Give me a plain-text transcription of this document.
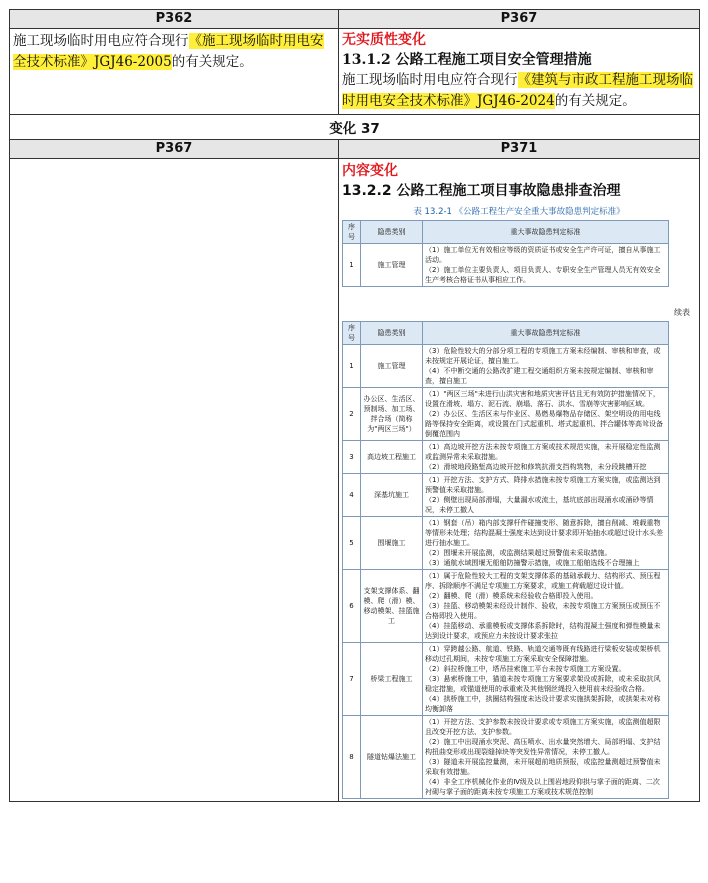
P362	P367
施工现场临时用电应符合现行《施工现场临时用电安全技术标准》JGJ46-2005的有关规定。	
无实质性变化
13.1.2 公路工程施工项目安全管理措施
施工现场临时用电应符合现行《建筑与市政工程施工现场临时用电安全技术标准》JGJ46-2024的有关规定。

变化 37
P367	P371

内容变化
13.2.2 公路工程施工项目事故隐患排查治理
表 13.2-1 《公路工程生产安全重大事故隐患判定标准》
序号	隐患类别	重大事故隐患判定标准
1	施工管理	（1）施工单位无有效相应等级的资质证书或安全生产许可证，擅自从事施工活动。
（2）施工单位主要负责人、项目负责人、专职安全生产管理人员无有效安全生产考核合格证书从事相应工作。
续表
序号	隐患类别	重大事故隐患判定标准
1	施工管理	（3）危险性较大的分部分项工程的专项施工方案未经编制、审核和审查，或未按规定开展论证，擅自施工。
（4）不中断交通的公路改扩建工程交通组织方案未按规定编制、审核和审查，擅自施工
2	办公区、生活区、预制场、加工场、拌合场（简称为"两区三场"）	（1）"两区三场"未进行山洪灾害和地质灾害评估且无有效防护措施情况下，设置在滑坡、塌方、泥石流、崩塌、落石、洪水、雪崩等灾害影响区域。
（2）办公区、生活区未与作业区、易燃易爆物品存储区、架空明设的用电线路等保持安全距离，或设置在门式起重机、塔式起重机、拌合罐体等高耸设备倒覆范围内
3	高边坡工程施工	（1）高边坡开挖方法未按专项施工方案或技术规范实施，未开展稳定性监测或监测异常未采取措施。
（2）滑坡地段路堑高边坡开挖和修筑抗滑支挡构筑物，未分段跳槽开挖
4	深基坑施工	（1）开挖方法、支护方式、降排水措施未按专项施工方案实施，或监测达到预警值未采取措施。
（2）侧壁出现局部滑塌，大量漏水或流土，基坑底部出现涌水或涌砂等情况，未停工撤人
5	围堰施工	（1）钢套（吊）箱内部支撑杆件碰撞变形、随意拆除，擅自削减、堆载重物等情形未处理；结构混凝土强度未达到设计要求即开始抽水或超过设计水头差进行抽水施工。
（2）围堰未开展监测，或监测结果超过预警值未采取措施。
（3）通航水域围堰无船舶防撞警示措施，或施工船舶选线不合理撞上
6	支架支撑体系、翻模、爬（滑）模、移动模架、挂篮施工	（1）属于危险性较大工程的支架支撑体系的基础承载力、结构形式、预压程序、拆除顺序不满足专项施工方案要求，或施工荷载超过设计值。
（2）翻模、爬（滑）模系统未经验收合格即投入使用。
（3）挂篮、移动模架未经设计制作、验收，未按专项施工方案预压或预压不合格即投入使用。
（4）挂篮移动、承重模板或支撑体系拆除时，结构混凝土强度和弹性模量未达到设计要求，或预应力未按设计要求张拉
7	桥梁工程施工	（1）穿跨越公路、航道、铁路、轨道交通等既有线路进行梁板安装或架桥机移动过孔期间，未按专项施工方案采取安全保障措施。
（2）斜拉桥施工中，塔吊挂索施工平台未按专项施工方案设置。
（3）悬索桥施工中，猫道未按专项施工方案要求架设或拆除，或未采取抗风稳定措施，或锚道使用的承重索及其他钢丝绳投入使用前未经验收合格。
（4）拱桥施工中，拱圈结构强度未达设计要求实施拱架拆除，或拱架未对称均衡卸落
8	隧道钻爆法施工	（1）开挖方法、支护参数未按设计要求或专项施工方案实施，或监测值超限且改变开挖方法、支护参数。
（2）施工中出现涌水突泥、高压喷水、出水量突然增大、局部坍塌、支护结构扭曲变形或出现裂缝掉块等突发性异常情况，未停工撤人。
（3）隧道未开展监控量测，未开展超前地质预报，或监控量测超过预警值未采取有效措施。
（4）非全工序机械化作业的Ⅳ级及以上围岩地段仰拱与掌子面的距离、二次衬砌与掌子面的距离未按专项施工方案或技术规范控制
